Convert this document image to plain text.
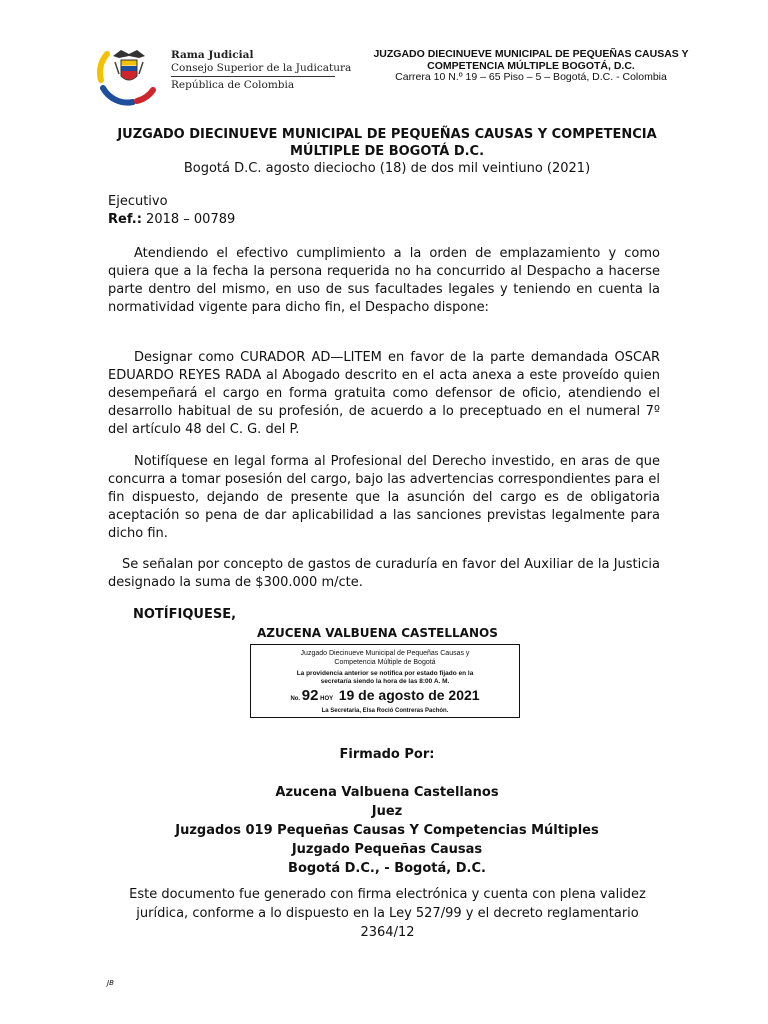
Rama Judicial
Consejo Superior de la Judicatura
República de Colombia
JUZGADO DIECINUEVE MUNICIPAL DE PEQUEÑAS CAUSAS Y
COMPETENCIA MÚLTIPLE BOGOTÁ, D.C.
Carrera 10 N.º 19 – 65 Piso – 5 – Bogotá, D.C. - Colombia
JUZGADO DIECINUEVE MUNICIPAL DE PEQUEÑAS CAUSAS Y COMPETENCIA MÚLTIPLE DE BOGOTÁ D.C.
Bogotá D.C. agosto dieciocho (18) de dos mil veintiuno (2021)
Ejecutivo
Ref.: 2018 – 00789
Atendiendo el efectivo cumplimiento a la orden de emplazamiento y como quiera que a la fecha la persona requerida no ha concurrido al Despacho a hacerse parte dentro del mismo, en uso de sus facultades legales y teniendo en cuenta la normatividad vigente para dicho fin, el Despacho dispone:
Designar como CURADOR AD—LITEM en favor de la parte demandada OSCAR EDUARDO REYES RADA al Abogado descrito en el acta anexa a este proveído quien desempeñará el cargo en forma gratuita como defensor de oficio, atendiendo el desarrollo habitual de su profesión, de acuerdo a lo preceptuado en el numeral 7º del artículo 48 del C. G. del P.
Notifíquese en legal forma al Profesional del Derecho investido, en aras de que concurra a tomar posesión del cargo, bajo las advertencias correspondientes para el fin dispuesto, dejando de presente que la asunción del cargo es de obligatoria aceptación so pena de dar aplicabilidad a las sanciones previstas legalmente para dicho fin.
Se señalan por concepto de gastos de curaduría en favor del Auxiliar de la Justicia designado la suma de $300.000 m/cte.
NOTÍFIQUESE,
AZUCENA VALBUENA CASTELLANOS
Juzgado Diecinueve Municipal de Pequeñas Causas y
Competencia Múltiple de Bogotá
La providencia anterior se notifica por estado fijado en la
secretaría siendo la hora de las 8:00 A. M.
No. 92 HOY 19 de agosto de 2021
La Secretaria, Elsa Roció Contreras Pachón.
Firmado Por:
Azucena Valbuena Castellanos
Juez
Juzgados 019 Pequeñas Causas Y Competencias Múltiples
Juzgado Pequeñas Causas
Bogotá D.C., - Bogotá, D.C.
Este documento fue generado con firma electrónica y cuenta con plena validez jurídica, conforme a lo dispuesto en la Ley 527/99 y el decreto reglamentario 2364/12
JB
